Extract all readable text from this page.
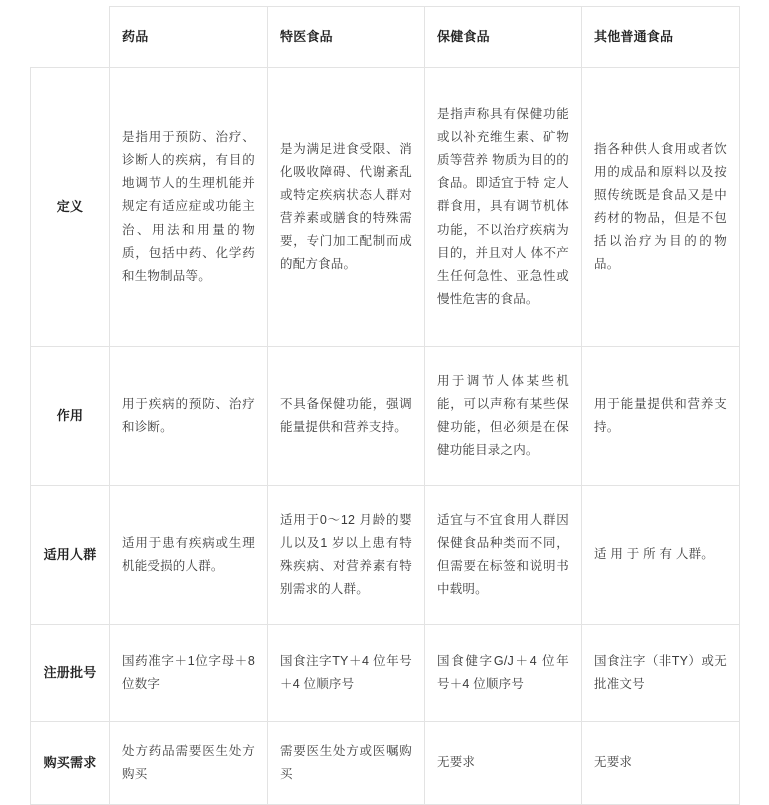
	药品	特医食品	保健食品	其他普通食品
定义	是指用于预防、治疗、诊断人的疾病，有目的地调节人的生理机能并规定有适应症或功能主治、用法和用量的物质，包括中药、化学药和生物制品等。	是为满足进食受限、消化吸收障碍、代谢紊乱或特定疾病状态人群对营养素或膳食的特殊需要，专门加工配制而成的配方食品。	是指声称具有保健功能或以补充维生素、矿物质等营养 物质为目的的食品。即适宜于特 定人群食用，具有调节机体功能，不以治疗疾病为目的，并且对人 体不产生任何急性、亚急性或慢性危害的食品。	指各种供人食用或者饮用的成品和原料以及按照传统既是食品又是中药材的物品，但是不包括以治疗为目的的物品。
作用	用于疾病的预防、治疗和诊断。	不具备保健功能，强调能量提供和营养支持。	用于调节人体某些机能，可以声称有某些保健功能，但必须是在保健功能目录之内。	用于能量提供和营养支持。
适用人群	适用于患有疾病或生理机能受损的人群。	适用于0～12 月龄的婴儿以及1 岁以上患有特殊疾病、对营养素有特别需求的人群。	适宜与不宜食用人群因保健食品种类而不同，但需要在标签和说明书中载明。	适 用 于 所 有 人群。
注册批号	国药准字＋1位字母＋8 位数字	国食注字TY＋4 位年号＋4 位顺序号	国食健字G/J＋4 位年号＋4 位顺序号	国食注字（非TY）或无批准文号
购买需求	处方药品需要医生处方购买	需要医生处方或医嘱购买	无要求	无要求
